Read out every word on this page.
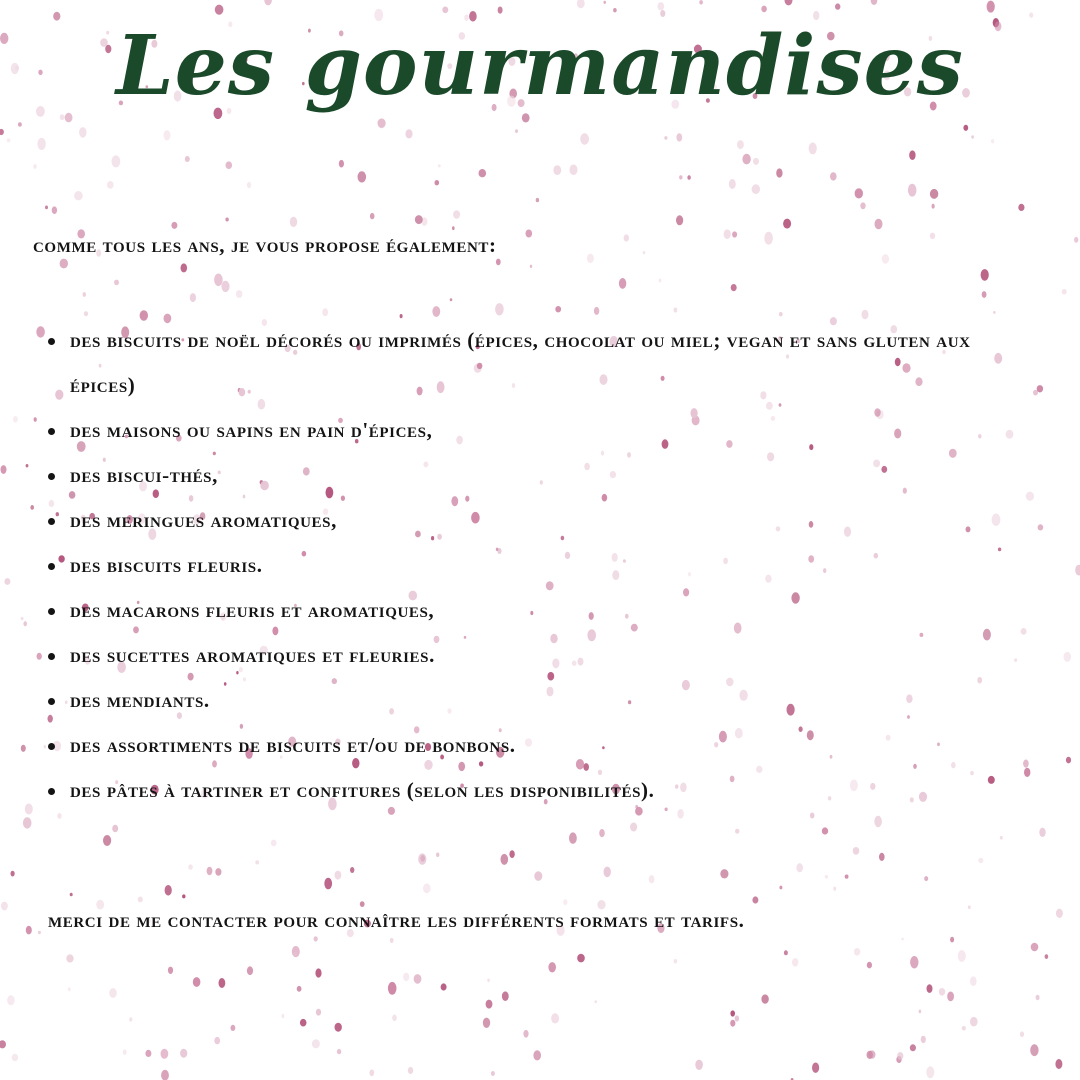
Les gourmandises

comme tous les ans, je vous propose également:

des biscuits de noël décorés ou imprimés (épices, chocolat ou miel; vegan et sans gluten aux épices)
des maisons ou sapins en pain d'épices,
des biscui-thés,
des meringues aromatiques,
des biscuits fleuris.
des macarons fleuris et aromatiques,
des sucettes aromatiques et fleuries.
des mendiants.
des assortiments de biscuits et/ou de bonbons.
des pâtes à tartiner et confitures (selon les disponibilités).

merci de me contacter pour connaître les différents formats et tarifs.
